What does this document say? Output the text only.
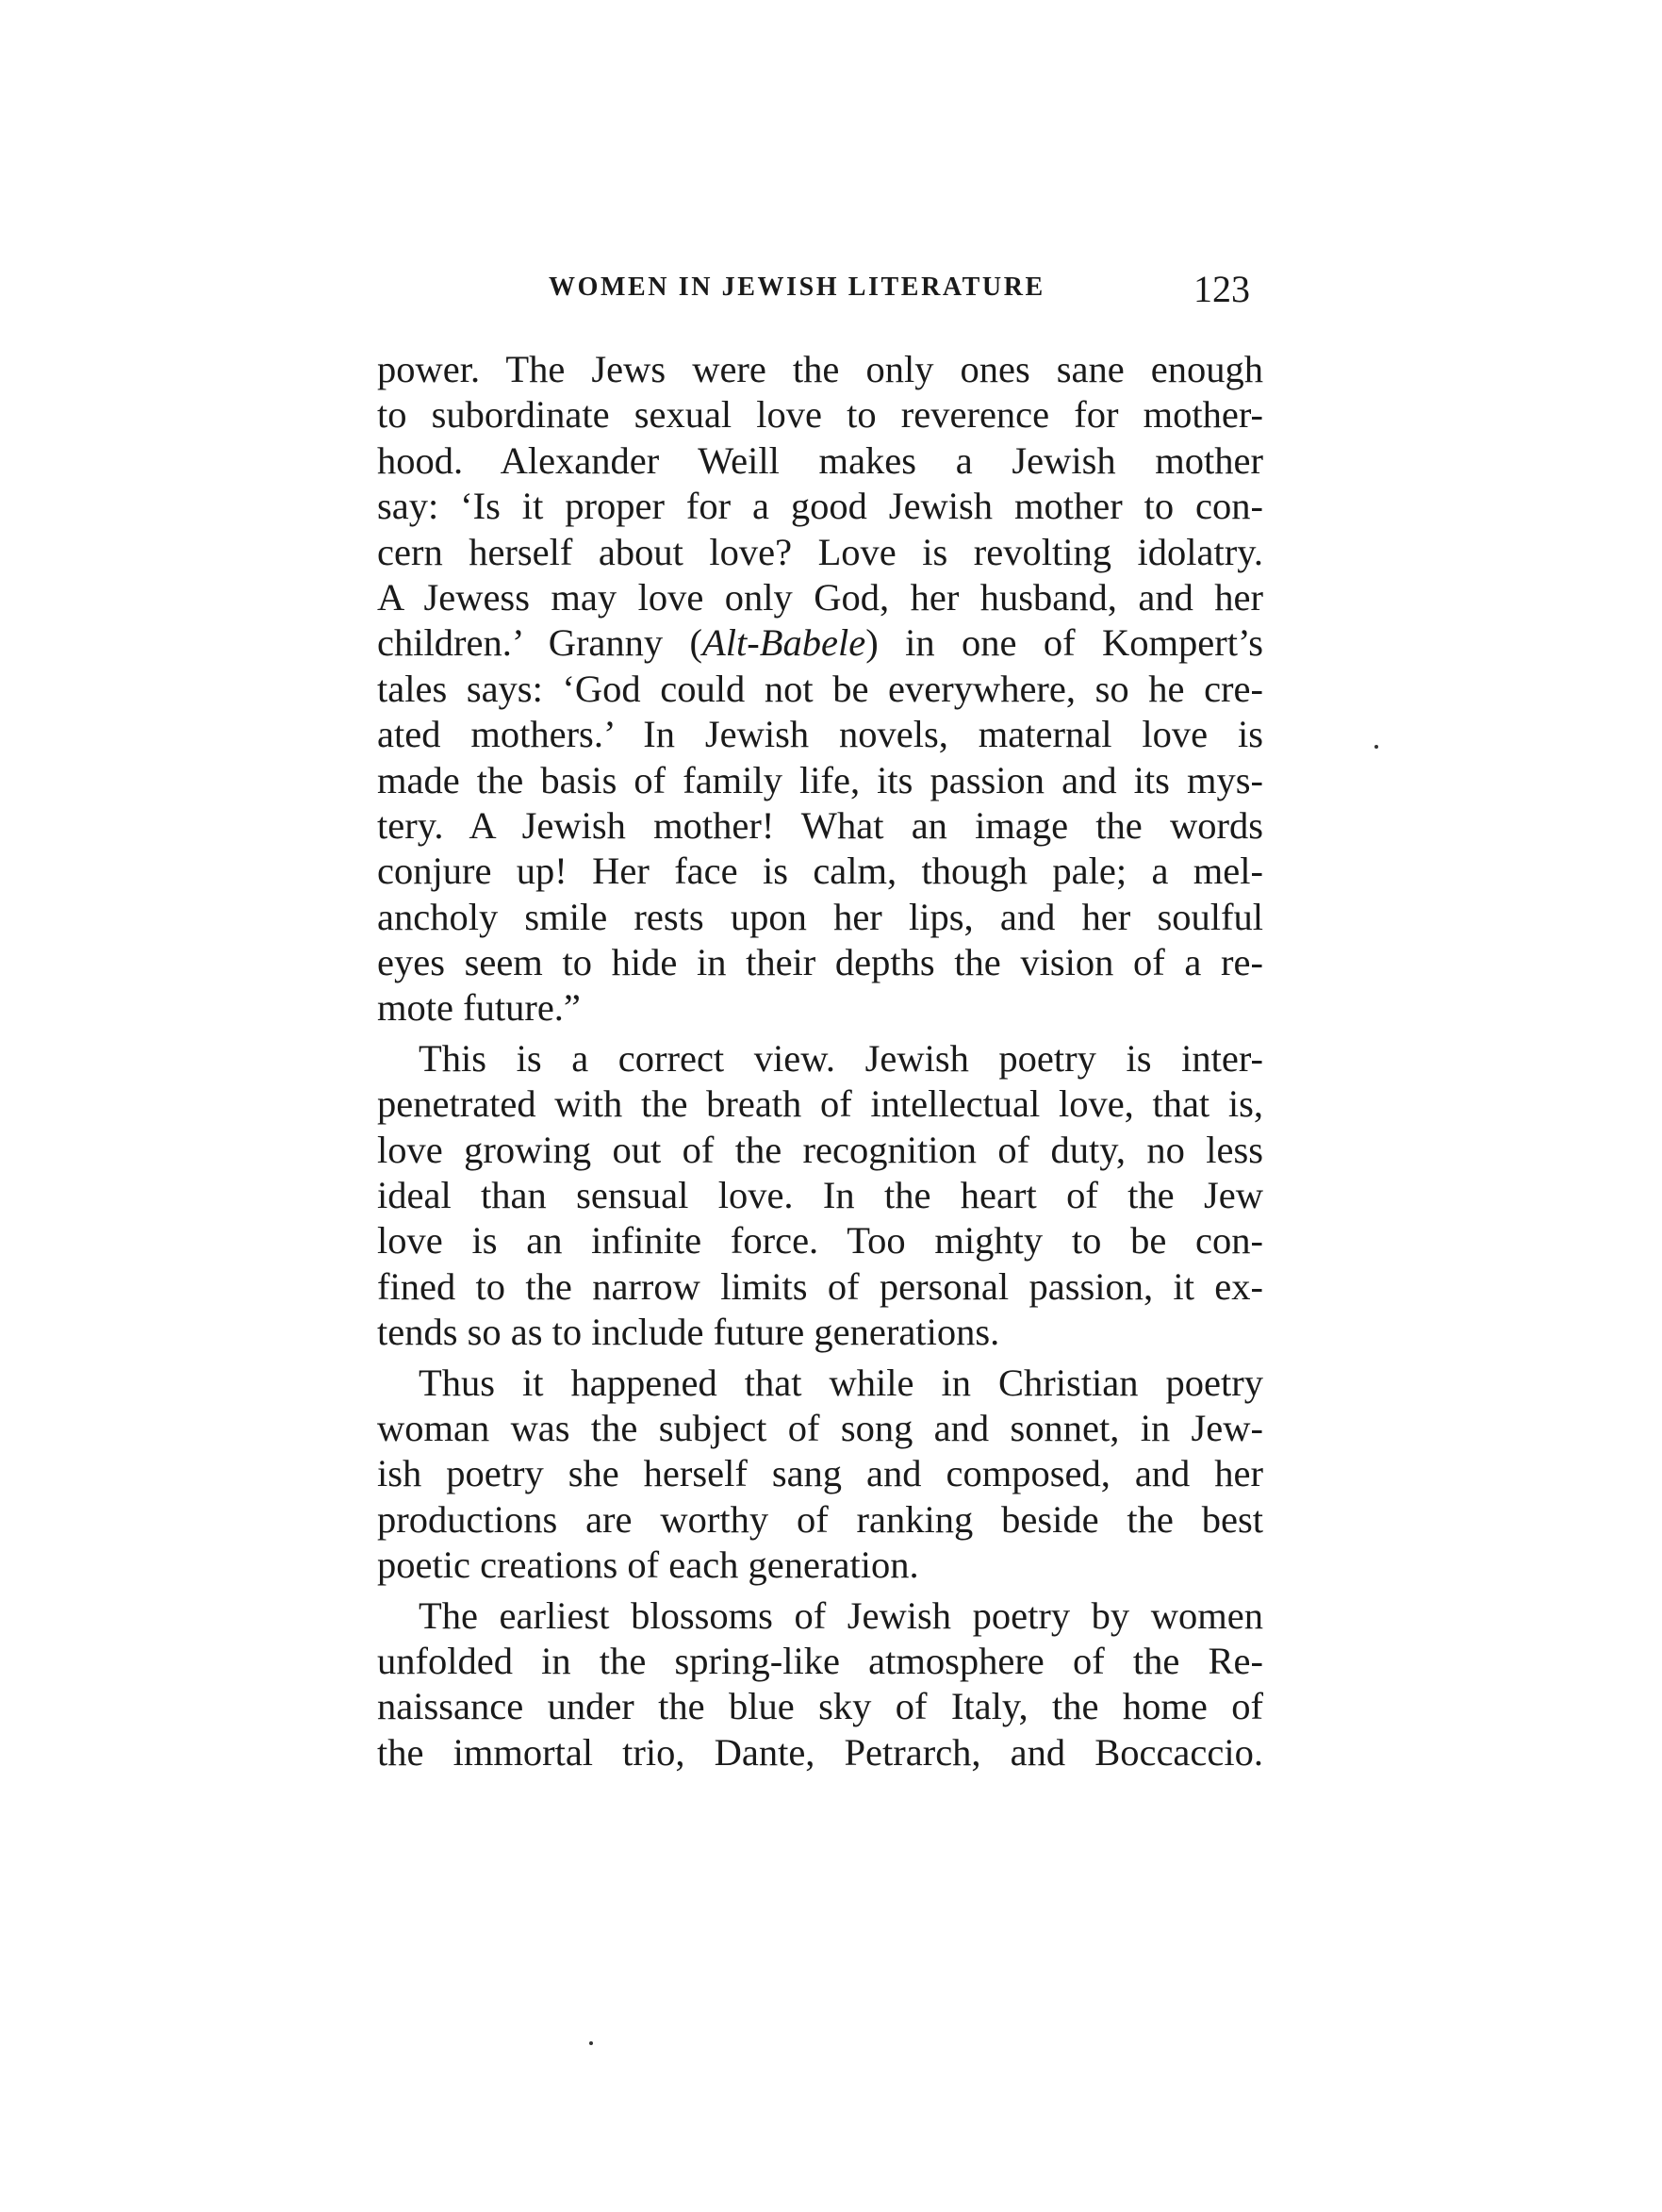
WOMEN IN JEWISH LITERATURE	123
power. The Jews were the only ones sane enough
to subordinate sexual love to reverence for mother-
hood. Alexander Weill makes a Jewish mother
say: ‘Is it proper for a good Jewish mother to con-
cern herself about love? Love is revolting idolatry.
A Jewess may love only God, her husband, and her
children.’ Granny (Alt-Babele) in one of Kompert’s
tales says: ‘God could not be everywhere, so he cre-
ated mothers.’ In Jewish novels, maternal love is
made the basis of family life, its passion and its mys-
tery. A Jewish mother! What an image the words
conjure up! Her face is calm, though pale; a mel-
ancholy smile rests upon her lips, and her soulful
eyes seem to hide in their depths the vision of a re-
mote future.”
This is a correct view. Jewish poetry is inter-
penetrated with the breath of intellectual love, that is,
love growing out of the recognition of duty, no less
ideal than sensual love. In the heart of the Jew
love is an infinite force. Too mighty to be con-
fined to the narrow limits of personal passion, it ex-
tends so as to include future generations.
Thus it happened that while in Christian poetry
woman was the subject of song and sonnet, in Jew-
ish poetry she herself sang and composed, and her
productions are worthy of ranking beside the best
poetic creations of each generation.
The earliest blossoms of Jewish poetry by women
unfolded in the spring-like atmosphere of the Re-
naissance under the blue sky of Italy, the home of
the immortal trio, Dante, Petrarch, and Boccaccio.
